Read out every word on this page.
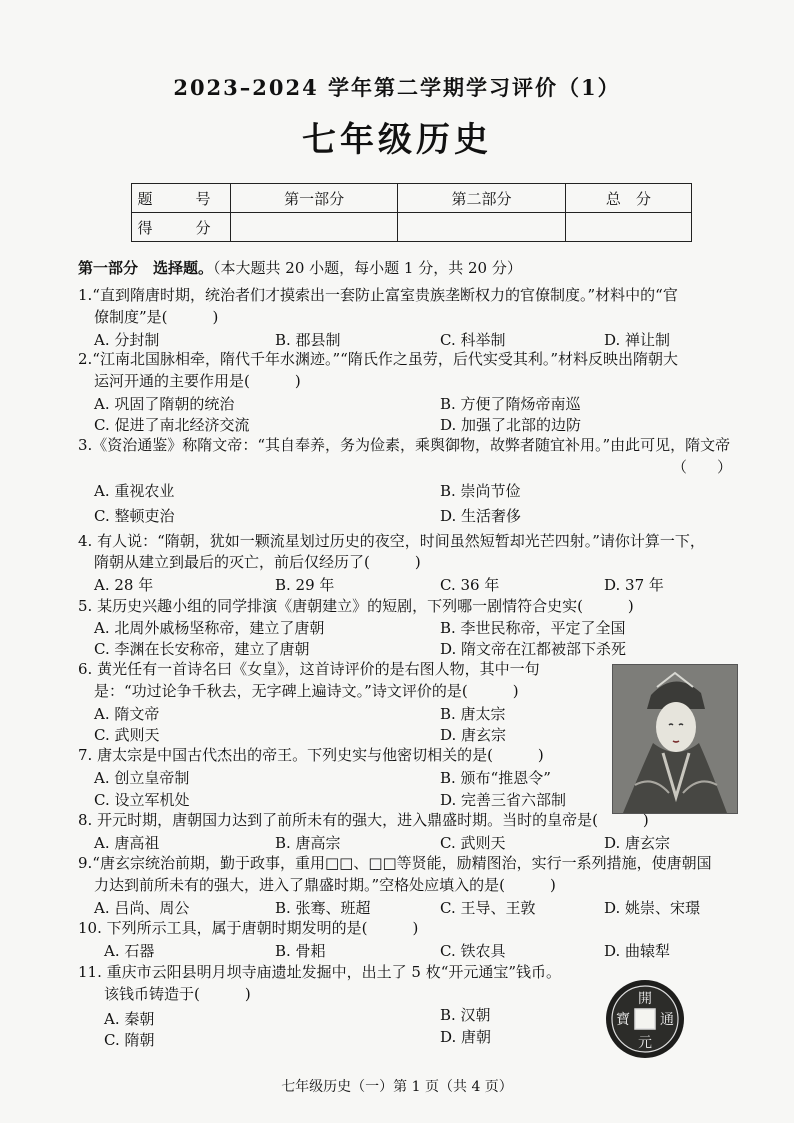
2023–2024 学年第二学期学习评价（1）
七年级历史
题　号	第一部分	第二部分	总　分
得　分			
第一部分　选择题。（本大题共 20 小题，每小题 1 分，共 20 分）
1.“直到隋唐时期，统治者们才摸索出一套防止富室贵族垄断权力的官僚制度。”材料中的“官
僚制度”是(　　　)
A. 分封制	B. 郡县制	C. 科举制	D. 禅让制
2.“江南北国脉相牵，隋代千年水渊迹。”“隋氏作之虽劳，后代实受其利。”材料反映出隋朝大
运河开通的主要作用是(　　　)
A. 巩固了隋朝的统治	B. 方便了隋炀帝南巡
C. 促进了南北经济交流	D. 加强了北部的边防
3.《资治通鉴》称隋文帝：“其自奉养，务为俭素，乘舆御物，故弊者随宜补用。”由此可见，隋文帝
（　　）
A. 重视农业	B. 崇尚节俭
C. 整顿吏治	D. 生活奢侈
4. 有人说：“隋朝，犹如一颗流星划过历史的夜空，时间虽然短暂却光芒四射。”请你计算一下，
隋朝从建立到最后的灭亡，前后仅经历了(　　　)
A. 28 年	B. 29 年	C. 36 年	D. 37 年
5. 某历史兴趣小组的同学排演《唐朝建立》的短剧，下列哪一剧情符合史实(　　　)
A. 北周外戚杨坚称帝，建立了唐朝	B. 李世民称帝，平定了全国
C. 李渊在长安称帝，建立了唐朝	D. 隋文帝在江都被部下杀死
6. 黄光任有一首诗名曰《女皇》，这首诗评价的是右图人物，其中一句
是：“功过论争千秋去，无字碑上遍诗文。”诗文评价的是(　　　)
A. 隋文帝	B. 唐太宗
C. 武则天	D. 唐玄宗
7. 唐太宗是中国古代杰出的帝王。下列史实与他密切相关的是(　　　)
A. 创立皇帝制	B. 颁布“推恩令”
C. 设立军机处	D. 完善三省六部制
8. 开元时期，唐朝国力达到了前所未有的强大，进入鼎盛时期。当时的皇帝是(　　　)
A. 唐高祖	B. 唐高宗	C. 武则天	D. 唐玄宗
9.“唐玄宗统治前期，勤于政事，重用□□、□□等贤能，励精图治，实行一系列措施，使唐朝国
力达到前所未有的强大，进入了鼎盛时期。”空格处应填入的是(　　　)
A. 吕尚、周公	B. 张骞、班超	C. 王导、王敦	D. 姚崇、宋璟
10. 下列所示工具，属于唐朝时期发明的是(　　　)
A. 石器	B. 骨耜	C. 铁农具	D. 曲辕犁
11. 重庆市云阳县明月坝寺庙遗址发掘中，出土了 5 枚“开元通宝”钱币。
该钱币铸造于(　　　)
A. 秦朝	B. 汉朝
C. 隋朝	D. 唐朝
開
元
通
寶
七年级历史（一）第 1 页（共 4 页）
